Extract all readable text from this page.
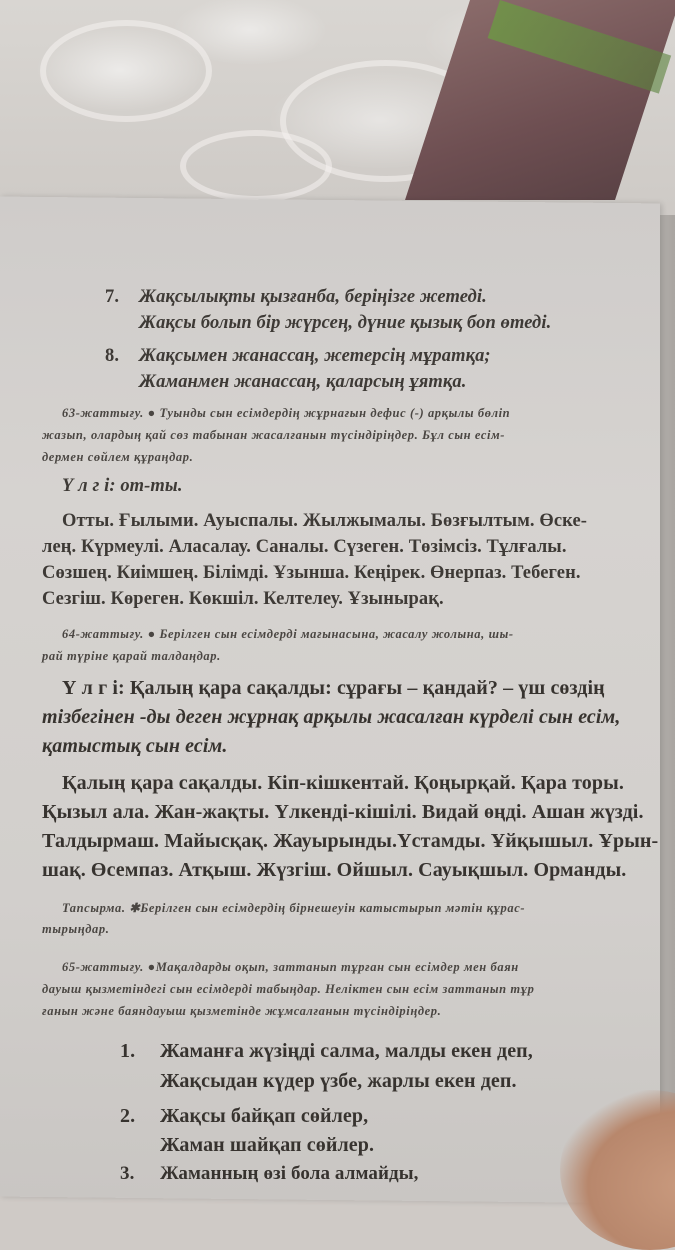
7. Жақсылықты қызғанба, беріңізге жетеді.
Жақсы болып бір жүрсең, дүние қызық боп өтеді.
8. Жақсымен жанассаң, жетерсің мұратқа;
Жаманмен жанассаң, қаларсың ұятқа.
63-жаттығу. ● Туынды сын есімдердің жұрнағын дефис (-) арқылы бөліп
жазып, олардың қай сөз табынан жасалғанын түсіндіріңдер. Бұл сын есім-
дермен сөйлем құраңдар.
Ү л г і: от-ты.
Отты. Ғылыми. Ауыспалы. Жылжымалы. Бөзғылтым. Өске-
лең. Күрмеулі. Аласалау. Саналы. Сүзеген. Төзімсіз. Тұлғалы.
Сөзшең. Киімшең. Білімді. Ұзынша. Кеңірек. Өнерпаз. Тебеген.
Сезгіш. Көреген. Көкшіл. Келтелеу. Ұзынырақ.
64-жаттығу. ● Берілген сын есімдерді мағынасына, жасалу жолына, шы-
рай түріне қарай талдаңдар.
Ү л г і: Қалың қара сақалды: сұрағы – қандай? – үш сөздің
тізбегінен -ды деген жұрнақ арқылы жасалған күрделі сын есім,
қатыстық сын есім.
Қалың қара сақалды. Кіп-кішкентай. Қоңырқай. Қара торы.
Қызыл ала. Жан-жақты. Үлкенді-кішілі. Видай өңді. Ашан жүзді.
Талдырмаш. Майысқақ. Жауырынды.Үстамды. Ұйқышыл. Ұрын-
шақ. Өсемпаз. Атқыш. Жүзгіш. Ойшыл. Сауықшыл. Орманды.
Тапсырма. ✱Берілген сын есімдердің бірнешеуін катыстырып мәтін құрас-
тырыңдар.
65-жаттығу. ●Мақалдарды оқып, заттанып тұрған сын есімдер мен баян
дауыш қызметіндегі сын есімдерді табыңдар. Неліктен сын есім заттанып тұр
ғанын және баяндауыш қызметінде жұмсалғанын түсіндіріңдер.
1. Жаманға жүзіңді салма, малды екен деп,
Жақсыдан күдер үзбе, жарлы екен деп.
2. Жақсы байқап сөйлер,
Жаман шайқап сөйлер.
3. Жаманның өзі бола алмайды,
